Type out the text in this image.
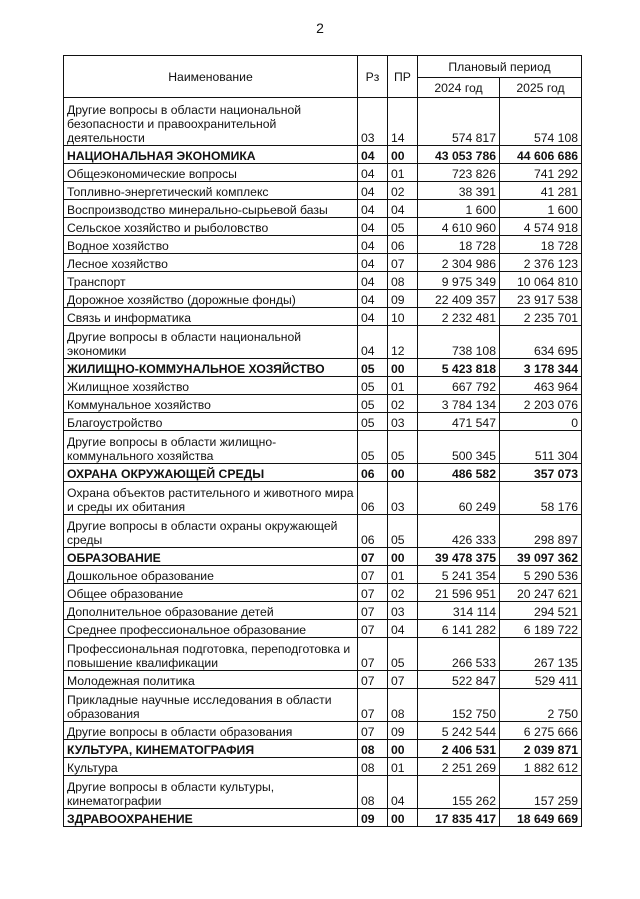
2
Наименование	Рз	ПР	Плановый период	
			2024 год	2025 год
Другие вопросы в области национальной безопасности и правоохранительной деятельности	03	14	574 817	574 108
НАЦИОНАЛЬНАЯ ЭКОНОМИКА	04	00	43 053 786	44 606 686
Общеэкономические вопросы	04	01	723 826	741 292
Топливно-энергетический комплекс	04	02	38 391	41 281
Воспроизводство минерально-сырьевой базы	04	04	1 600	1 600
Сельское хозяйство и рыболовство	04	05	4 610 960	4 574 918
Водное хозяйство	04	06	18 728	18 728
Лесное хозяйство	04	07	2 304 986	2 376 123
Транспорт	04	08	9 975 349	10 064 810
Дорожное хозяйство (дорожные фонды)	04	09	22 409 357	23 917 538
Связь и информатика	04	10	2 232 481	2 235 701
Другие вопросы в области национальной экономики	04	12	738 108	634 695
ЖИЛИЩНО-КОММУНАЛЬНОЕ ХОЗЯЙСТВО	05	00	5 423 818	3 178 344
Жилищное хозяйство	05	01	667 792	463 964
Коммунальное хозяйство	05	02	3 784 134	2 203 076
Благоустройство	05	03	471 547	0
Другие вопросы в области жилищно-коммунального хозяйства	05	05	500 345	511 304
ОХРАНА ОКРУЖАЮЩЕЙ СРЕДЫ	06	00	486 582	357 073
Охрана объектов растительного и животного мира и среды их обитания	06	03	60 249	58 176
Другие вопросы в области охраны окружающей среды	06	05	426 333	298 897
ОБРАЗОВАНИЕ	07	00	39 478 375	39 097 362
Дошкольное образование	07	01	5 241 354	5 290 536
Общее образование	07	02	21 596 951	20 247 621
Дополнительное образование детей	07	03	314 114	294 521
Среднее профессиональное образование	07	04	6 141 282	6 189 722
Профессиональная подготовка, переподготовка и повышение квалификации	07	05	266 533	267 135
Молодежная политика	07	07	522 847	529 411
Прикладные научные исследования в области образования	07	08	152 750	2 750
Другие вопросы в области образования	07	09	5 242 544	6 275 666
КУЛЬТУРА, КИНЕМАТОГРАФИЯ	08	00	2 406 531	2 039 871
Культура	08	01	2 251 269	1 882 612
Другие вопросы в области культуры, кинематографии	08	04	155 262	157 259
ЗДРАВООХРАНЕНИЕ	09	00	17 835 417	18 649 669
